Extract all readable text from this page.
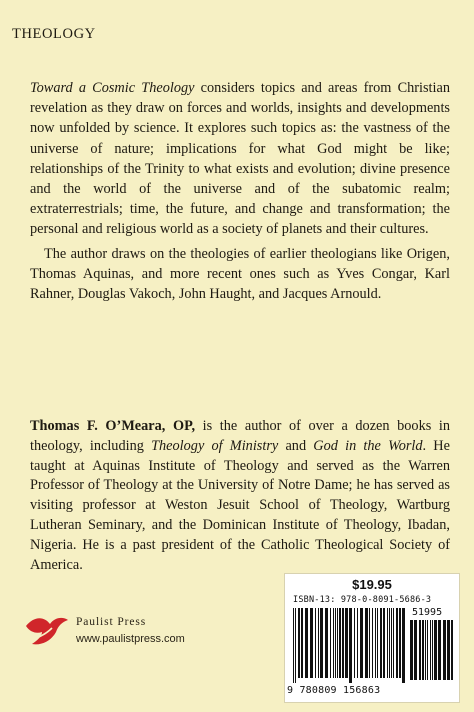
THEOLOGY

Toward a Cosmic Theology considers topics and areas from Christian revelation as they draw on forces and worlds, insights and developments now unfolded by science. It explores such topics as: the vastness of the universe of nature; implications for what God might be like; relationships of the Trinity to what exists and evolution; divine presence and the world of the universe and of the subatomic realm; extraterrestrials; time, the future, and change and transformation; the personal and religious world as a society of planets and their cultures.

The author draws on the theologies of earlier theologians like Origen, Thomas Aquinas, and more recent ones such as Yves Congar, Karl Rahner, Douglas Vakoch, John Haught, and Jacques Arnould.

Thomas F. O’Meara, OP, is the author of over a dozen books in theology, including Theology of Ministry and God in the World. He taught at Aquinas Institute of Theology and served as the Warren Professor of Theology at the University of Notre Dame; he has served as visiting professor at Weston Jesuit School of Theology, Wartburg Lutheran Seminary, and the Dominican Institute of Theology, Ibadan, Nigeria. He is a past president of the Catholic Theological Society of America.

Paulist Press
www.paulistpress.com
$19.95
ISBN-13: 978-0-8091-5686-3
51995
9 780809 156863
